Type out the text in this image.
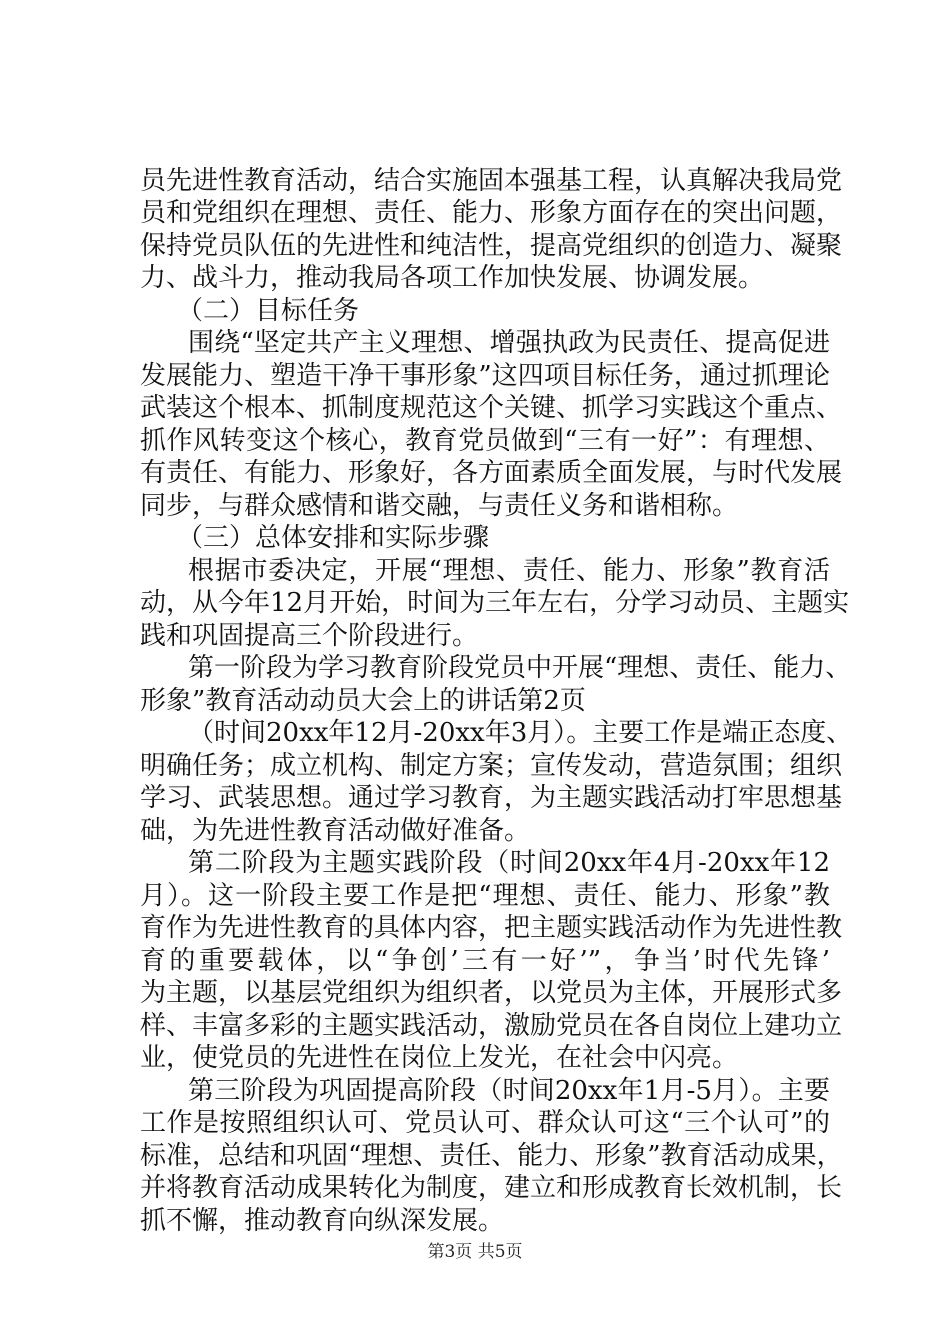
员先进性教育活动，结合实施固本强基工程，认真解决我局党
员和党组织在理想、责任、能力、形象方面存在的突出问题，
保持党员队伍的先进性和纯洁性，提高党组织的创造力、凝聚
力、战斗力，推动我局各项工作加快发展、协调发展。
（二）目标任务
围绕“坚定共产主义理想、增强执政为民责任、提高促进
发展能力、塑造干净干事形象”这四项目标任务，通过抓理论
武装这个根本、抓制度规范这个关键、抓学习实践这个重点、
抓作风转变这个核心，教育党员做到“三有一好”：有理想、
有责任、有能力、形象好，各方面素质全面发展，与时代发展
同步，与群众感情和谐交融，与责任义务和谐相称。
（三）总体安排和实际步骤
根据市委决定，开展“理想、责任、能力、形象”教育活
动，从今年12月开始，时间为三年左右，分学习动员、主题实
践和巩固提高三个阶段进行。
第一阶段为学习教育阶段党员中开展“理想、责任、能力、
形象”教育活动动员大会上的讲话第2页
（时间20xx年12月-20xx年3月）。主要工作是端正态度、
明确任务；成立机构、制定方案；宣传发动，营造氛围；组织
学习、武装思想。通过学习教育，为主题实践活动打牢思想基
础，为先进性教育活动做好准备。
第二阶段为主题实践阶段（时间20xx年4月-20xx年12
月）。这一阶段主要工作是把“理想、责任、能力、形象”教
育作为先进性教育的具体内容，把主题实践活动作为先进性教
育的重要载体，以“争创’三有一好’”，争当’时代先锋’
为主题，以基层党组织为组织者，以党员为主体，开展形式多
样、丰富多彩的主题实践活动，激励党员在各自岗位上建功立
业，使党员的先进性在岗位上发光，在社会中闪亮。
第三阶段为巩固提高阶段（时间20xx年1月-5月）。主要
工作是按照组织认可、党员认可、群众认可这“三个认可”的
标准，总结和巩固“理想、责任、能力、形象”教育活动成果，
并将教育活动成果转化为制度，建立和形成教育长效机制，长
抓不懈，推动教育向纵深发展。
第3页 共5页
